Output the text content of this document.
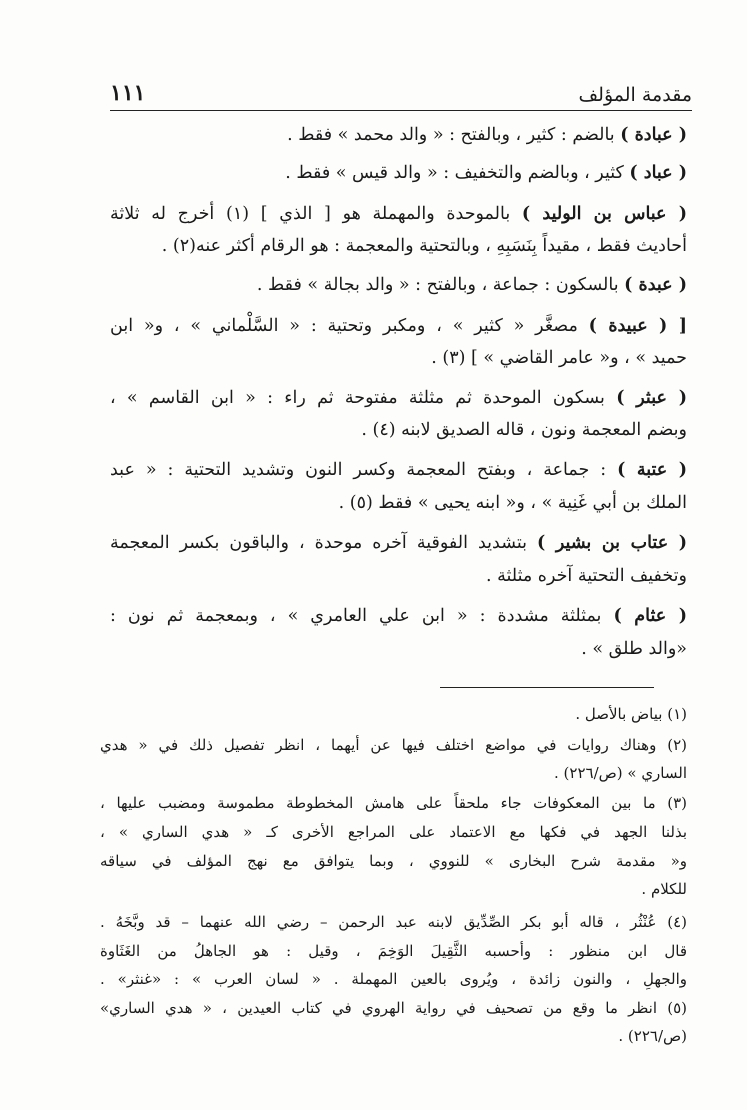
مقدمة المؤلف
١١١
( عبادة ) بالضم : كثير ، وبالفتح : « والد محمد » فقط .
( عباد ) كثير ، وبالضم والتخفيف : « والد قيس » فقط .
( عباس بن الوليد ) بالموحدة والمهملة هو [ الذي ] (١) أخرج له ثلاثة
أحاديث فقط ، مقيداً بِنَسَبِهِ ، وبالتحتية والمعجمة : هو الرقام أكثر عنه(٢) .
( عبدة ) بالسكون : جماعة ، وبالفتح : « والد بجالة » فقط .
[ ( عبيدة ) مصغَّر « كثير » ، ومكبر وتحتية : « السَّلْماني » ، و« ابن
حميد » ، و« عامر القاضي » ] (٣) .
( عبثر ) بسكون الموحدة ثم مثلثة مفتوحة ثم راء : « ابن القاسم » ،
وبضم المعجمة ونون ، قاله الصديق لابنه (٤) .
( عتبة ) : جماعة ، وبفتح المعجمة وكسر النون وتشديد التحتية : « عبد
الملك بن أبي غَنِية » ، و« ابنه يحيى » فقط (٥) .
( عتاب بن بشير ) بتشديد الفوقية آخره موحدة ، والباقون بكسر المعجمة
وتخفيف التحتية آخره مثلثة .
( عثام ) بمثلثة مشددة : « ابن علي العامري » ، وبمعجمة ثم نون :
«والد طلق » .
(١) بياض بالأصل .
(٢) وهناك روايات في مواضع اختلف فيها عن أيهما ، انظر تفصيل ذلك في « هدي
الساري » (ص/٢٢٦) .
(٣) ما بين المعكوفات جاء ملحقاً على هامش المخطوطة مطموسة ومضبب عليها ،
بذلنا الجهد في فكها مع الاعتماد على المراجع الأخرى كـ « هدي الساري » ،
و« مقدمة شرح البخارى » للنووي ، وبما يتوافق مع نهج المؤلف في سياقه
للكلام .
(٤) عُنْثُر ، قاله أبو بكر الصِّدِّيق لابنه عبد الرحمن – رضي الله عنهما – قد وبَّخَهُ .
قال ابن منظور : وأحسبه الثَّقِيلَ الوَخِمَ ، وقيل : هو الجاهلُ من الغَثَاوة
والجهلِ ، والنون زائدة ، ويُروى بالعين المهملة . « لسان العرب » : «غنثر» .
(٥) انظر ما وقع من تصحيف في رواية الهروي في كتاب العيدين ، « هدي الساري»
(ص/٢٢٦) .
